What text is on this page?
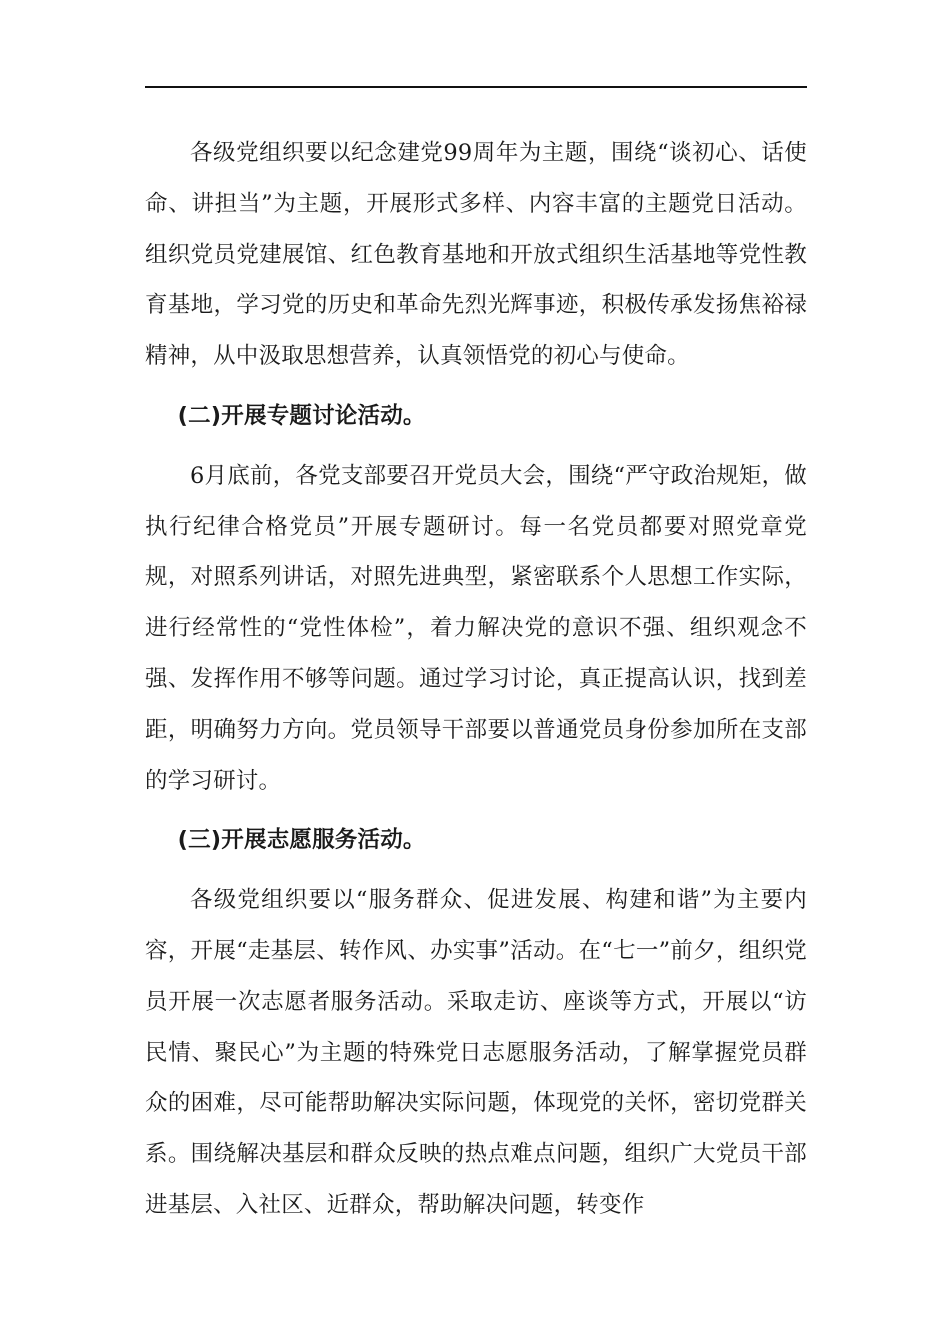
各级党组织要以纪念建党99周年为主题，围绕“谈初心、话使命、讲担当”为主题，开展形式多样、内容丰富的主题党日活动。组织党员党建展馆、红色教育基地和开放式组织生活基地等党性教育基地，学习党的历史和革命先烈光辉事迹，积极传承发扬焦裕禄精神，从中汲取思想营养，认真领悟党的初心与使命。

(二)开展专题讨论活动。

6月底前，各党支部要召开党员大会，围绕“严守政治规矩，做执行纪律合格党员”开展专题研讨。每一名党员都要对照党章党规，对照系列讲话，对照先进典型，紧密联系个人思想工作实际，进行经常性的“党性体检”，着力解决党的意识不强、组织观念不强、发挥作用不够等问题。通过学习讨论，真正提高认识，找到差距，明确努力方向。党员领导干部要以普通党员身份参加所在支部的学习研讨。

(三)开展志愿服务活动。

各级党组织要以“服务群众、促进发展、构建和谐”为主要内容，开展“走基层、转作风、办实事”活动。在“七一”前夕，组织党员开展一次志愿者服务活动。采取走访、座谈等方式，开展以“访民情、聚民心”为主题的特殊党日志愿服务活动，了解掌握党员群众的困难，尽可能帮助解决实际问题，体现党的关怀，密切党群关系。围绕解决基层和群众反映的热点难点问题，组织广大党员干部进基层、入社区、近群众，帮助解决问题，转变作
